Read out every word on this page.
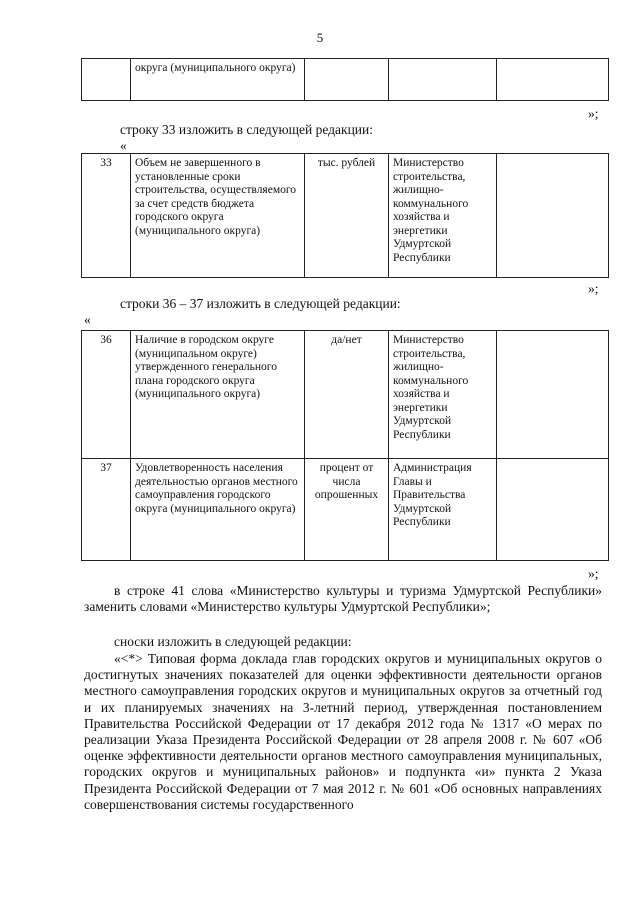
5
	округа (муниципального округа)			
»;
строку 33 изложить в следующей редакции:
«
33	Объем не завершенного в установленные сроки строительства, осуществляемого за счет средств бюджета городского округа (муниципального округа)	тыс. рублей	Министерство строительства, жилищно-коммунального хозяйства и энергетики Удмуртской Республики	
»;
строки 36 – 37 изложить в следующей редакции:
«
36	Наличие в городском округе (муниципальном округе) утвержденного генерального плана городского округа (муниципального округа)	да/нет	Министерство строительства, жилищно-коммунального хозяйства и энергетики Удмуртской Республики	
37	Удовлетворенность населения деятельностью органов местного самоуправления городского округа (муниципального округа)	процент от числа опрошенных	Администрация Главы и Правительства Удмуртской Республики	
»;
в строке 41 слова «Министерство культуры и туризма Удмуртской Республики» заменить словами «Министерство культуры Удмуртской Республики»;
сноски изложить в следующей редакции:
«<*> Типовая форма доклада глав городских округов и муниципальных округов о достигнутых значениях показателей для оценки эффективности деятельности органов местного самоуправления городских округов и муниципальных округов за отчетный год и их планируемых значениях на 3-летний период, утвержденная постановлением Правительства Российской Федерации от 17 декабря 2012 года № 1317 «О мерах по реализации Указа Президента Российской Федерации от 28 апреля 2008 г. № 607 «Об оценке эффективности деятельности органов местного самоуправления муниципальных, городских округов и муниципальных районов» и подпункта «и» пункта 2 Указа Президента Российской Федерации от 7 мая 2012 г. № 601 «Об основных направлениях совершенствования системы государственного
